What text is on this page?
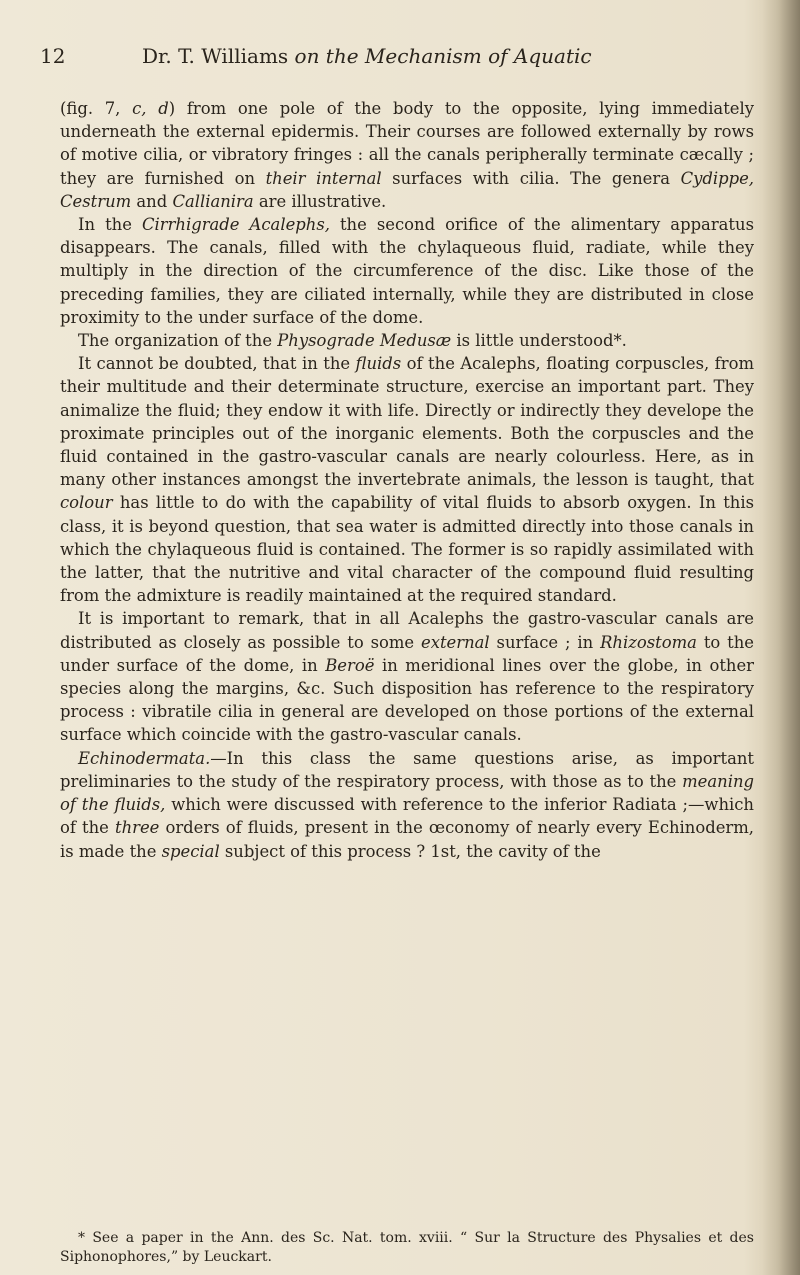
12	Dr. T. Williams on the Mechanism of Aquatic

(fig. 7, c, d) from one pole of the body to the opposite, lying immediately underneath the external epidermis. Their courses are followed externally by rows of motive cilia, or vibratory fringes : all the canals peripherally terminate cæcally ; they are furnished on their internal surfaces with cilia. The genera Cydippe, Cestrum and Callianira are illustrative.

In the Cirrhigrade Acalephs, the second orifice of the alimentary apparatus disappears. The canals, filled with the chylaqueous fluid, radiate, while they multiply in the direction of the circumference of the disc. Like those of the preceding families, they are ciliated internally, while they are distributed in close proximity to the under surface of the dome.

The organization of the Physograde Medusæ is little understood*.

It cannot be doubted, that in the fluids of the Acalephs, floating corpuscles, from their multitude and their determinate structure, exercise an important part. They animalize the fluid; they endow it with life. Directly or indirectly they develope the proximate principles out of the inorganic elements. Both the corpuscles and the fluid contained in the gastro-vascular canals are nearly colourless. Here, as in many other instances amongst the invertebrate animals, the lesson is taught, that colour has little to do with the capability of vital fluids to absorb oxygen. In this class, it is beyond question, that sea water is admitted directly into those canals in which the chylaqueous fluid is contained. The former is so rapidly assimilated with the latter, that the nutritive and vital character of the compound fluid resulting from the admixture is readily maintained at the required standard.

It is important to remark, that in all Acalephs the gastro-vascular canals are distributed as closely as possible to some external surface ; in Rhizostoma to the under surface of the dome, in Beroë in meridional lines over the globe, in other species along the margins, &c. Such disposition has reference to the respiratory process : vibratile cilia in general are developed on those portions of the external surface which coincide with the gastro-vascular canals.

Echinodermata.—In this class the same questions arise, as important preliminaries to the study of the respiratory process, with those as to the meaning of the fluids, which were discussed with reference to the inferior Radiata ;—which of the three orders of fluids, present in the œconomy of nearly every Echinoderm, is made the special subject of this process ? 1st, the cavity of the

* See a paper in the Ann. des Sc. Nat. tom. xviii. “ Sur la Structure des Physalies et des Siphonophores,” by Leuckart.
